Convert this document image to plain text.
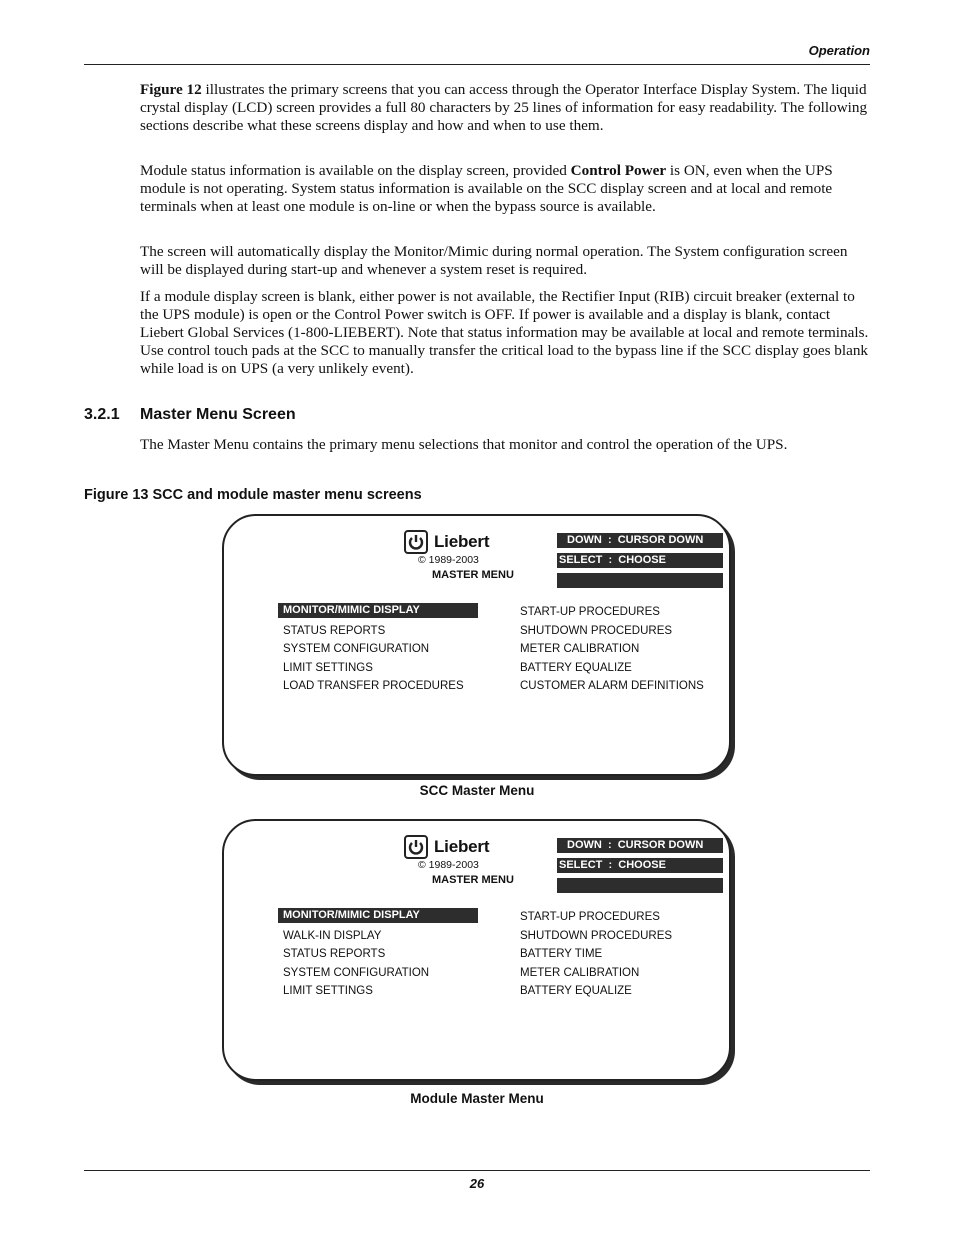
Operation

Figure 12 illustrates the primary screens that you can access through the Operator Interface Display System. The liquid crystal display (LCD) screen provides a full 80 characters by 25 lines of information for easy readability. The following sections describe what these screens display and how and when to use them.

Module status information is available on the display screen, provided Control Power is ON, even when the UPS module is not operating. System status information is available on the SCC display screen and at local and remote terminals when at least one module is on-line or when the bypass source is available.

The screen will automatically display the Monitor/Mimic during normal operation. The System configuration screen will be displayed during start-up and whenever a system reset is required.

If a module display screen is blank, either power is not available, the Rectifier Input (RIB) circuit breaker (external to the UPS module) is open or the Control Power switch is OFF. If power is available and a display is blank, contact Liebert Global Services (1-800-LIEBERT). Note that status information may be available at local and remote terminals. Use control touch pads at the SCC to manually transfer the critical load to the bypass line if the SCC display goes blank while load is on UPS (a very unlikely event).

3.2.1 Master Menu Screen

The Master Menu contains the primary menu selections that monitor and control the operation of the UPS.

Figure 13 SCC and module master menu screens
Liebert
© 1989-2003
MASTER MENU
DOWN  :  CURSOR DOWN
SELECT  :  CHOOSE
MONITOR/MIMIC DISPLAY
STATUS REPORTS
SYSTEM CONFIGURATION
LIMIT SETTINGS
LOAD TRANSFER PROCEDURES
START-UP PROCEDURES
SHUTDOWN PROCEDURES
METER CALIBRATION
BATTERY EQUALIZE
CUSTOMER ALARM DEFINITIONS
SCC Master Menu
Liebert
© 1989-2003
MASTER MENU
DOWN  :  CURSOR DOWN
SELECT  :  CHOOSE
MONITOR/MIMIC DISPLAY
WALK-IN DISPLAY
STATUS REPORTS
SYSTEM CONFIGURATION
LIMIT SETTINGS
START-UP PROCEDURES
SHUTDOWN PROCEDURES
BATTERY TIME
METER CALIBRATION
BATTERY EQUALIZE
Module Master Menu
26
